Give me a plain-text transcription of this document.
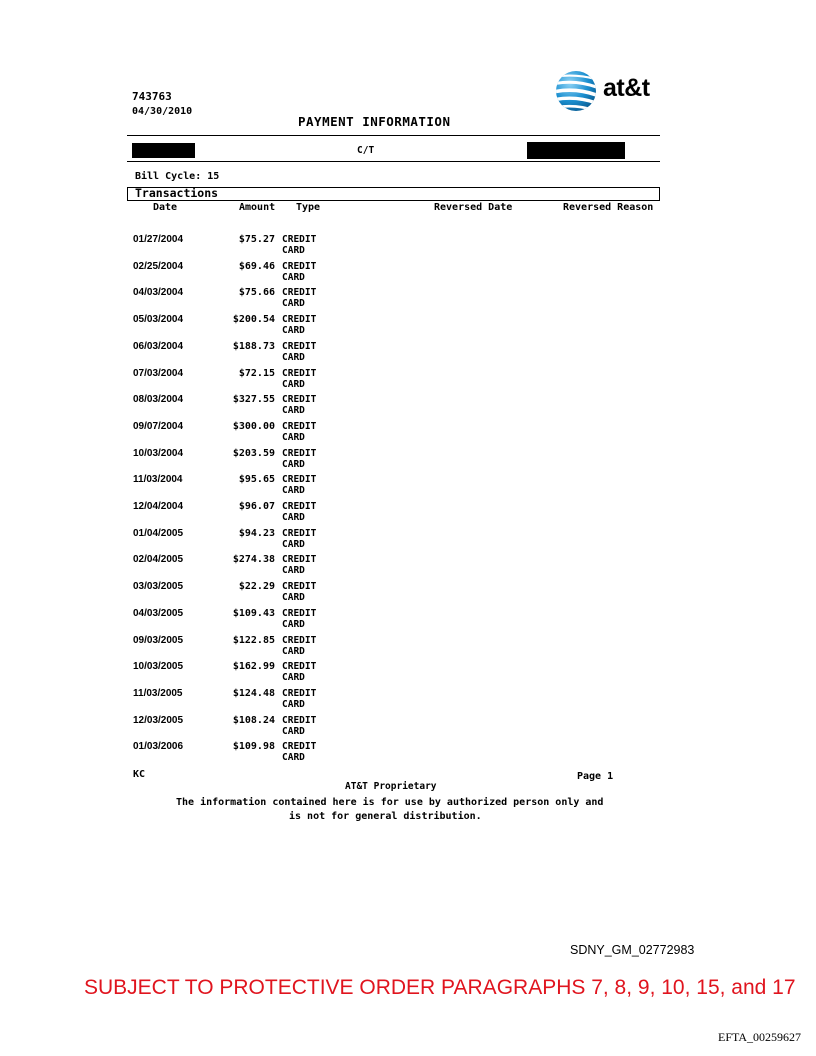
743763
04/30/2010
PAYMENT INFORMATION
at&t
C/T
Bill Cycle: 15
Transactions
Date	Amount Type	Reversed Date	Reversed Reason
01/27/2004	$75.27 CREDIT CARD
02/25/2004	$69.46 CREDIT CARD
04/03/2004	$75.66 CREDIT CARD
05/03/2004	$200.54 CREDIT CARD
06/03/2004	$188.73 CREDIT CARD
07/03/2004	$72.15 CREDIT CARD
08/03/2004	$327.55 CREDIT CARD
09/07/2004	$300.00 CREDIT CARD
10/03/2004	$203.59 CREDIT CARD
11/03/2004	$95.65 CREDIT CARD
12/04/2004	$96.07 CREDIT CARD
01/04/2005	$94.23 CREDIT CARD
02/04/2005	$274.38 CREDIT CARD
03/03/2005	$22.29 CREDIT CARD
04/03/2005	$109.43 CREDIT CARD
09/03/2005	$122.85 CREDIT CARD
10/03/2005	$162.99 CREDIT CARD
11/03/2005	$124.48 CREDIT CARD
12/03/2005	$108.24 CREDIT CARD
01/03/2006	$109.98 CREDIT CARD
KC
AT&T Proprietary
Page 1
The information contained here is for use by authorized person only and
is not for general distribution.
SDNY_GM_02772983
SUBJECT TO PROTECTIVE ORDER PARAGRAPHS 7, 8, 9, 10, 15, and 17
EFTA_00259627
